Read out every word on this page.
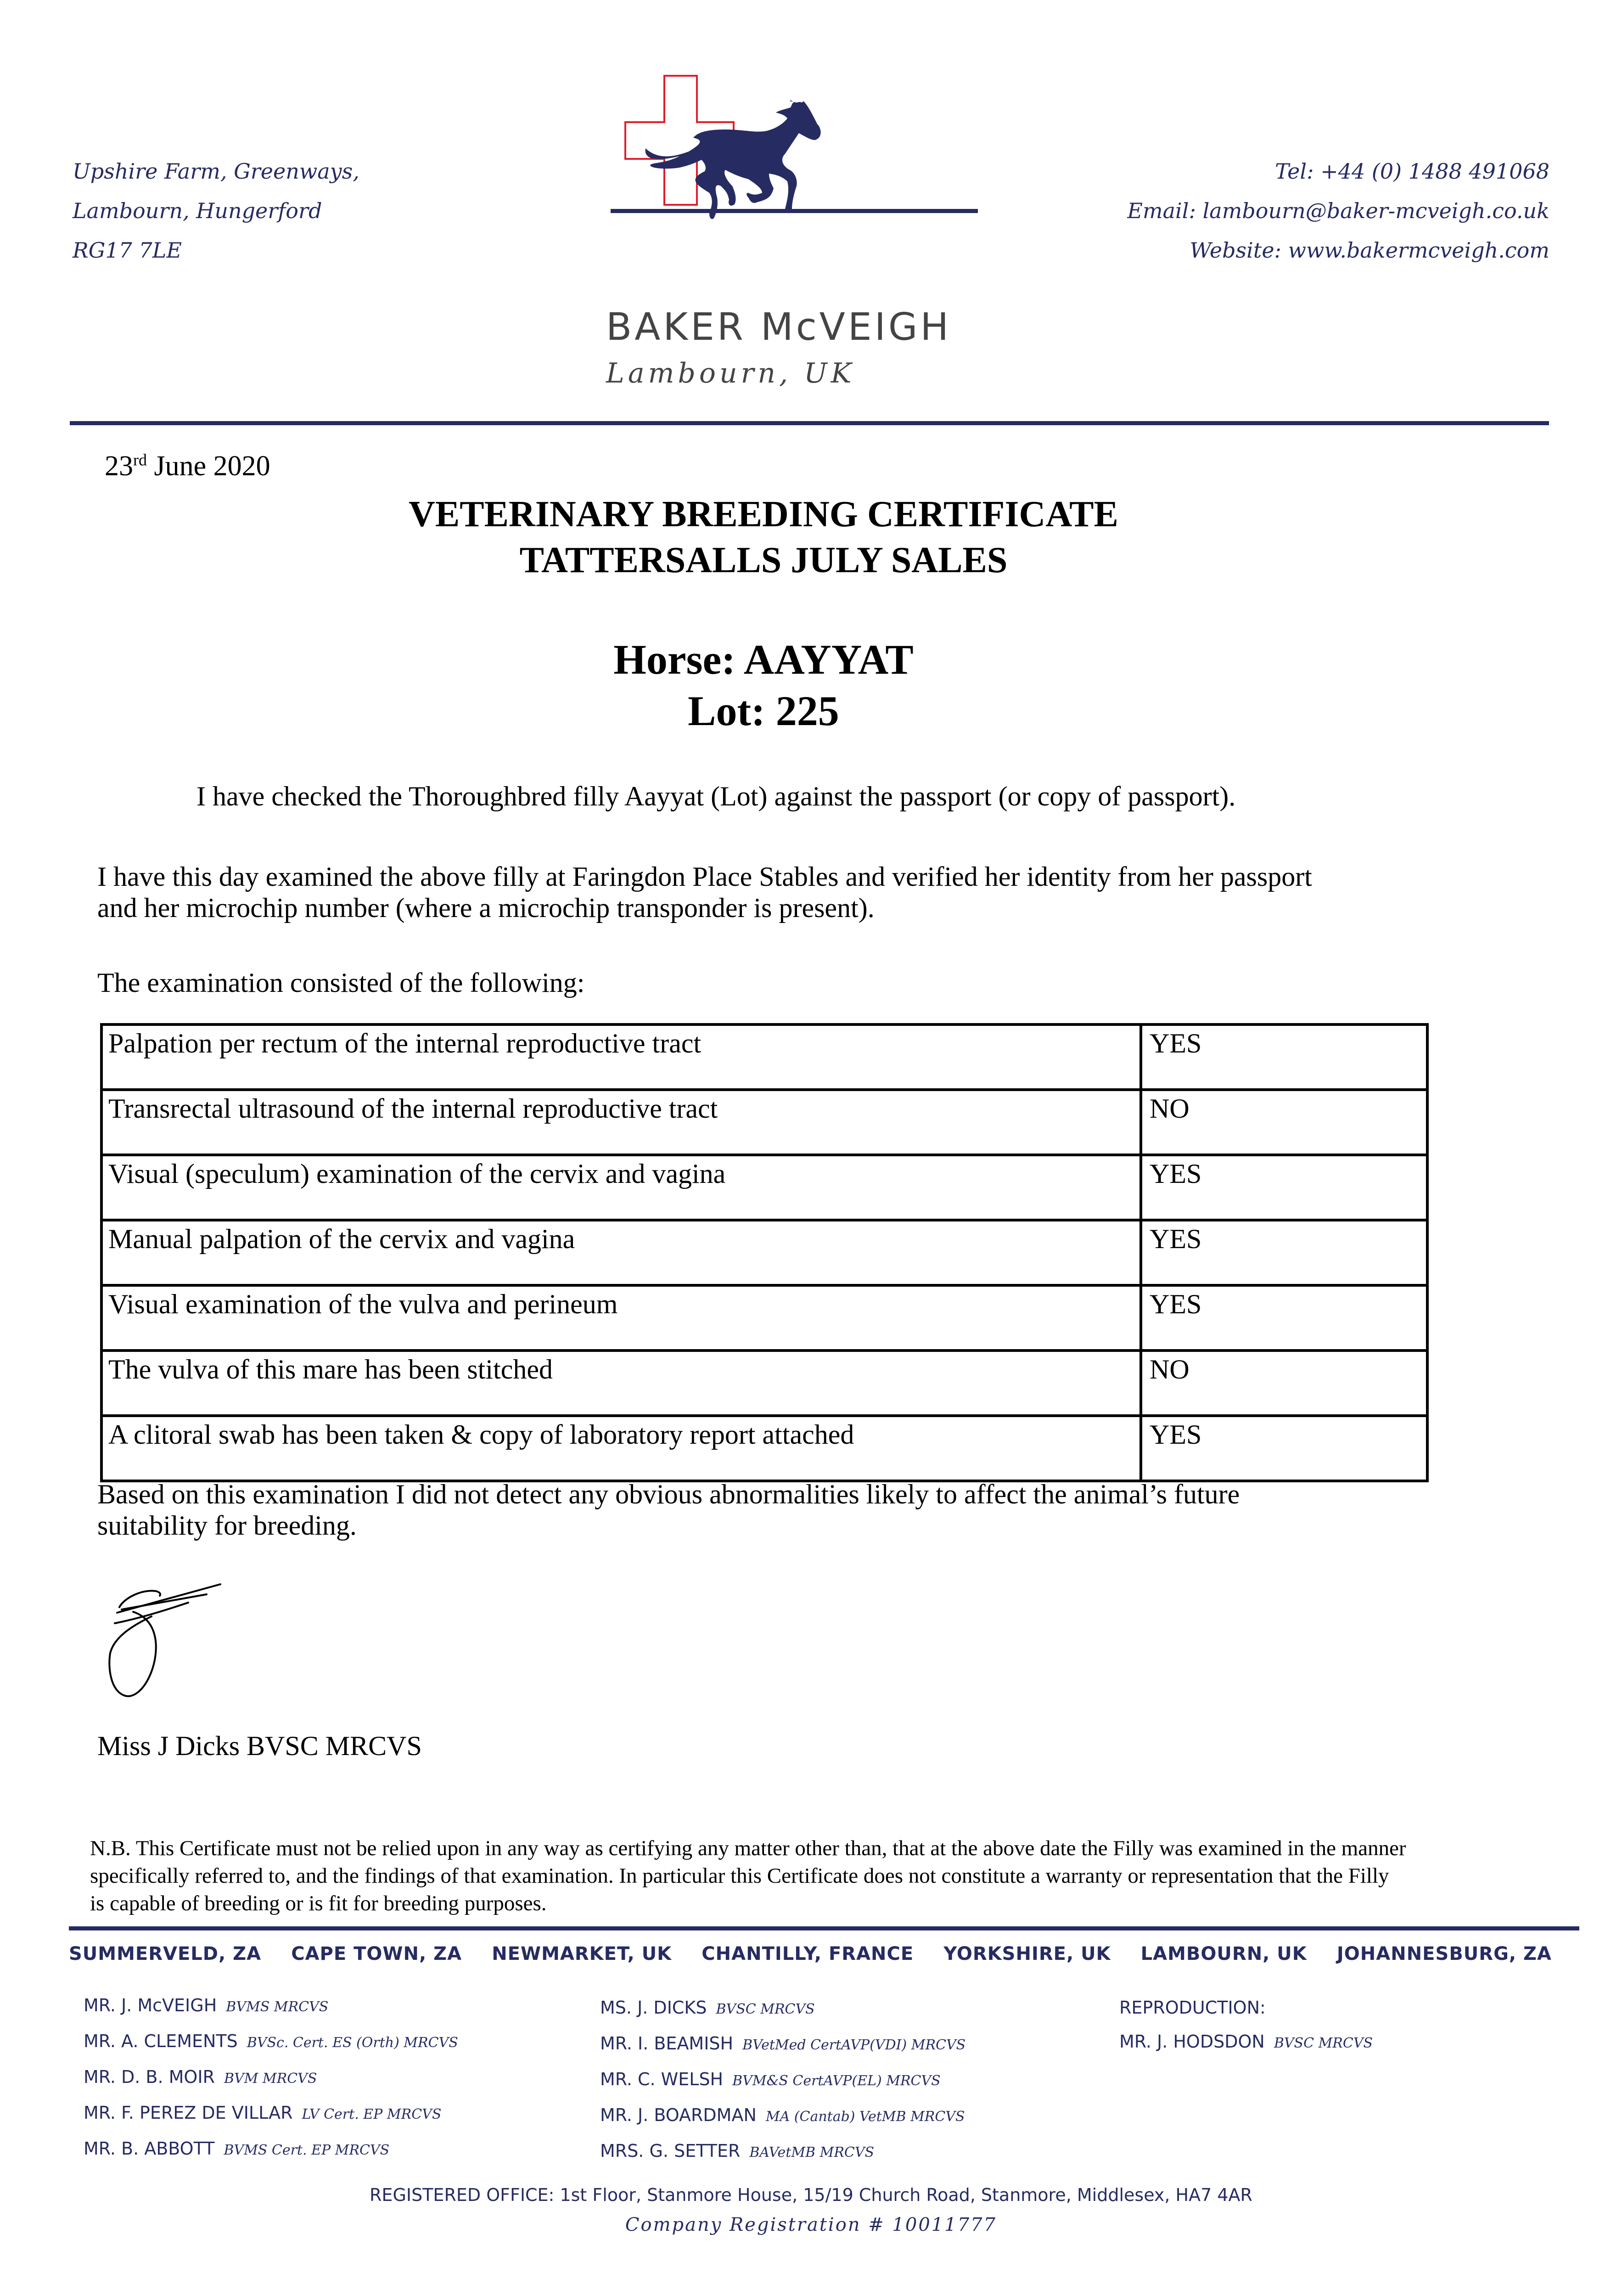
Upshire Farm, Greenways,
Lambourn, Hungerford
RG17 7LE
Tel: +44 (0) 1488 491068
Email: lambourn@baker-mcveigh.co.uk
Website: www.bakermcveigh.com
BAKER McVEIGH
Lambourn, UK
23rd June 2020
VETERINARY BREEDING CERTIFICATE
TATTERSALLS JULY SALES
Horse: AAYYAT
Lot: 225
I have checked the Thoroughbred filly Aayyat (Lot) against the passport (or copy of passport).
I have this day examined the above filly at Faringdon Place Stables and verified her identity from her passport
and her microchip number (where a microchip transponder is present).
The examination consisted of the following:
Palpation per rectum of the internal reproductive tract	YES
Transrectal ultrasound of the internal reproductive tract	NO
Visual (speculum) examination of the cervix and vagina	YES
Manual palpation of the cervix and vagina	YES
Visual examination of the vulva and perineum	YES
The vulva of this mare has been stitched	NO
A clitoral swab has been taken & copy of laboratory report attached	YES
Based on this examination I did not detect any obvious abnormalities likely to affect the animal’s future
suitability for breeding.
Miss J Dicks BVSC MRCVS
N.B. This Certificate must not be relied upon in any way as certifying any matter other than, that at the above date the Filly was examined in the manner
specifically referred to, and the findings of that examination. In particular this Certificate does not constitute a warranty or representation that the Filly
is capable of breeding or is fit for breeding purposes.
SUMMERVELD, ZA CAPE TOWN, ZA NEWMARKET, UK CHANTILLY, FRANCE YORKSHIRE, UK LAMBOURN, UK JOHANNESBURG, ZA
MR. J. McVEIGH BVMS MRCVS
MR. A. CLEMENTS BVSc. Cert. ES (Orth) MRCVS
MR. D. B. MOIR BVM MRCVS
MR. F. PEREZ DE VILLAR LV Cert. EP MRCVS
MR. B. ABBOTT BVMS Cert. EP MRCVS
MS. J. DICKS BVSC MRCVS
MR. I. BEAMISH BVetMed CertAVP(VDI) MRCVS
MR. C. WELSH BVM&S CertAVP(EL) MRCVS
MR. J. BOARDMAN MA (Cantab) VetMB MRCVS
MRS. G. SETTER BAVetMB MRCVS
REPRODUCTION:
MR. J. HODSDON BVSC MRCVS
REGISTERED OFFICE: 1st Floor, Stanmore House, 15/19 Church Road, Stanmore, Middlesex, HA7 4AR
Company Registration # 10011777
